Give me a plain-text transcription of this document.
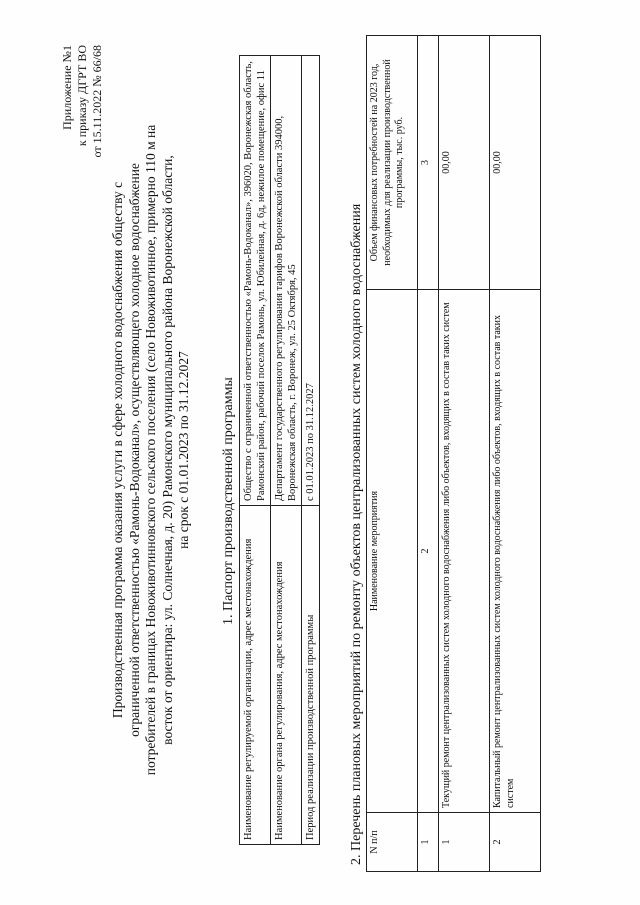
Приложение №1 к приказу ДГРТ ВО от 15.11.2022 № 66/68
Производственная программа оказания услуги в сфере холодного водоснабжения обществу с ограниченной ответственностью «Рамонь-Водоканал», осуществляющего холодное водоснабжение потребителей в границах Новоживотинновского сельского поселения (село Новоживотинное, примерно 110 м на восток от ориентира: ул. Солнечная, д. 20) Рамонского муниципального района Воронежской области, на срок с 01.01.2023 по 31.12.2027 1. Паспорт производственной программы
Наименование регулируемой организации, адрес местонахождения	Общество с ограниченной ответственностью «Рамонь-Водоканал», 396020, Воронежская область, Рамонский район, рабочий поселок Рамонь, ул. Юбилейная, д. 6д, нежилое помещение, офис 11
Наименование органа регулирования, адрес местонахождения	Департамент государственного регулирования тарифов Воронежской области 394000, Воронежская область, г. Воронеж, ул. 25 Октября, 45
Период реализации производственной программы	с 01.01.2023 по 31.12.2027 2. Перечень плановых мероприятий по ремонту объектов централизованных систем холодного водоснабжения N п/п	Наименование мероприятия	Объем финансовых потребностей на 2023 год, необходимых для реализации производственной программы, тыс. руб.
1	2	3
1	Текущий ремонт централизованных систем холодного водоснабжения либо объектов, входящих в состав таких систем	00,00
2	Капитальный ремонт централизованных систем холодного водоснабжения либо объектов, входящих в состав таких систем	00,00
